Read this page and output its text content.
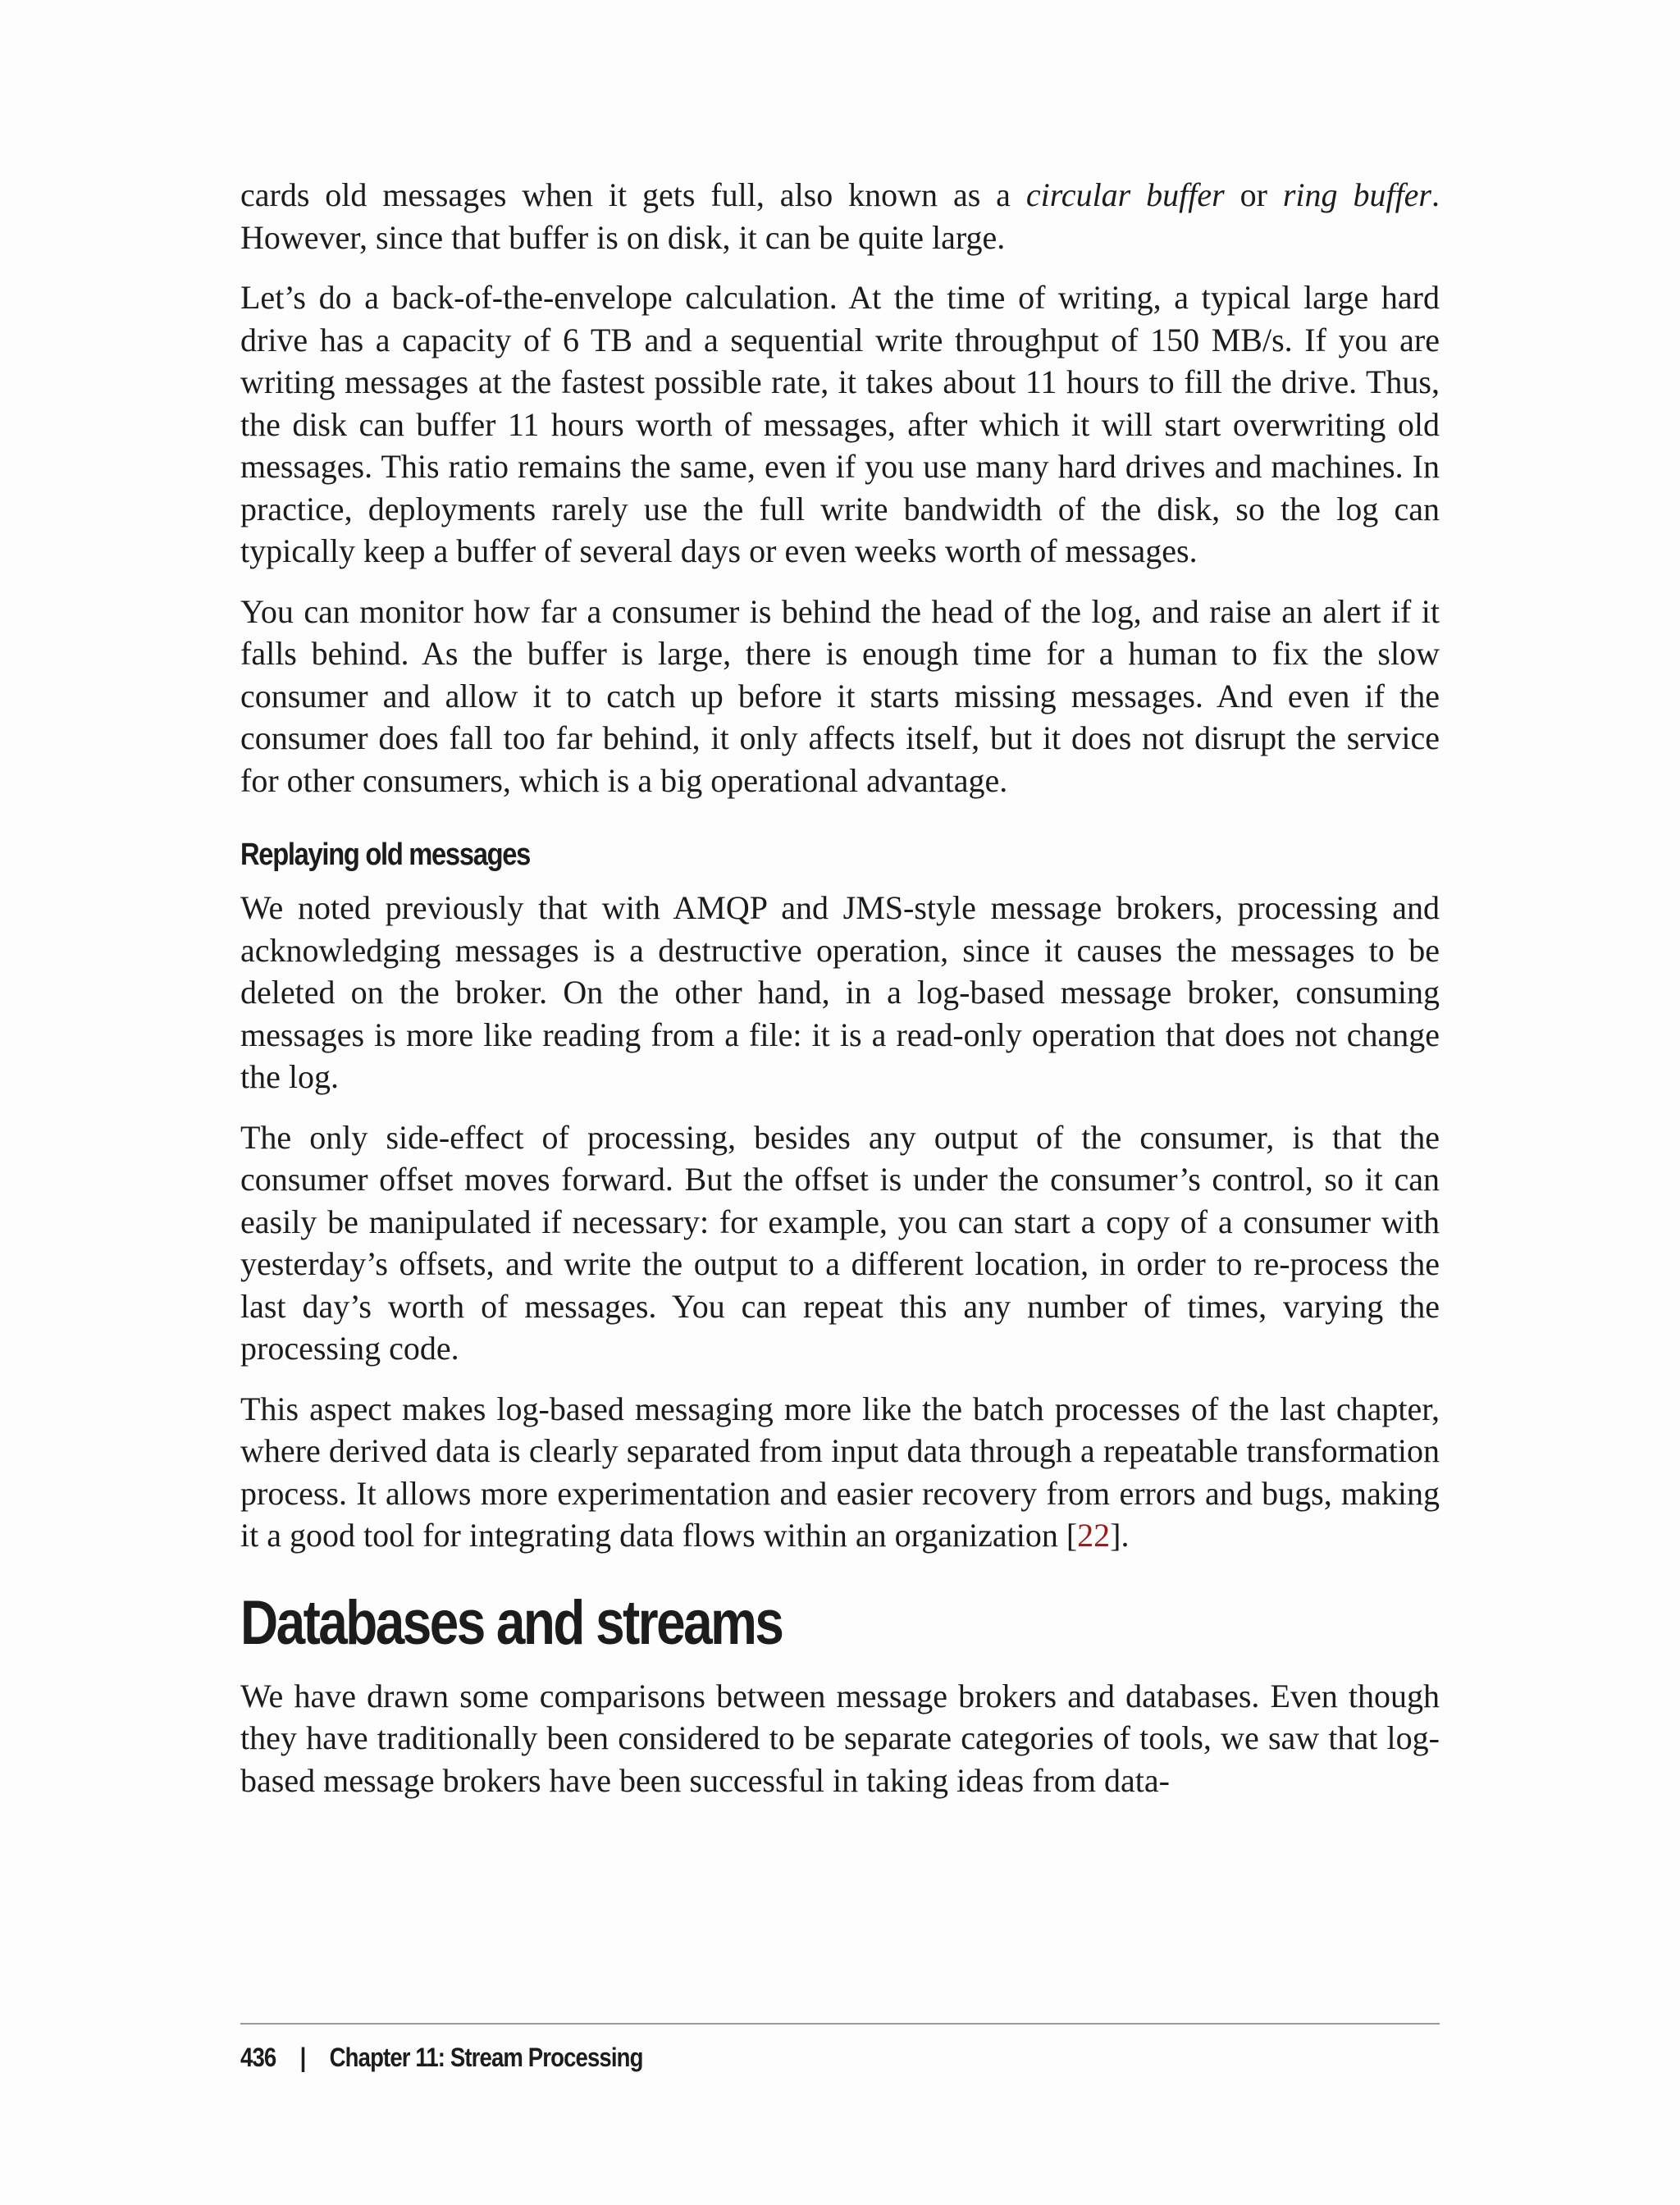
cards old messages when it gets full, also known as a circular buffer or ring buffer. However, since that buffer is on disk, it can be quite large.

Let’s do a back-of-the-envelope calculation. At the time of writing, a typical large hard drive has a capacity of 6 TB and a sequential write throughput of 150 MB/s. If you are writing messages at the fastest possible rate, it takes about 11 hours to fill the drive. Thus, the disk can buffer 11 hours worth of messages, after which it will start overwriting old messages. This ratio remains the same, even if you use many hard drives and machines. In practice, deployments rarely use the full write bandwidth of the disk, so the log can typically keep a buffer of several days or even weeks worth of messages.

You can monitor how far a consumer is behind the head of the log, and raise an alert if it falls behind. As the buffer is large, there is enough time for a human to fix the slow consumer and allow it to catch up before it starts missing messages. And even if the consumer does fall too far behind, it only affects itself, but it does not disrupt the service for other consumers, which is a big operational advantage.

Replaying old messages

We noted previously that with AMQP and JMS-style message brokers, processing and acknowledging messages is a destructive operation, since it causes the messages to be deleted on the broker. On the other hand, in a log-based message broker, consuming messages is more like reading from a file: it is a read-only operation that does not change the log.

The only side-effect of processing, besides any output of the consumer, is that the consumer offset moves forward. But the offset is under the consumer’s control, so it can easily be manipulated if necessary: for example, you can start a copy of a consumer with yesterday’s offsets, and write the output to a different location, in order to re-process the last day’s worth of messages. You can repeat this any number of times, varying the processing code.

This aspect makes log-based messaging more like the batch processes of the last chapter, where derived data is clearly separated from input data through a repeatable transformation process. It allows more experimentation and easier recovery from errors and bugs, making it a good tool for integrating data flows within an organization [22].

Databases and streams

We have drawn some comparisons between message brokers and databases. Even though they have traditionally been considered to be separate categories of tools, we saw that log-based message brokers have been successful in taking ideas from data-

436 | Chapter 11: Stream Processing
